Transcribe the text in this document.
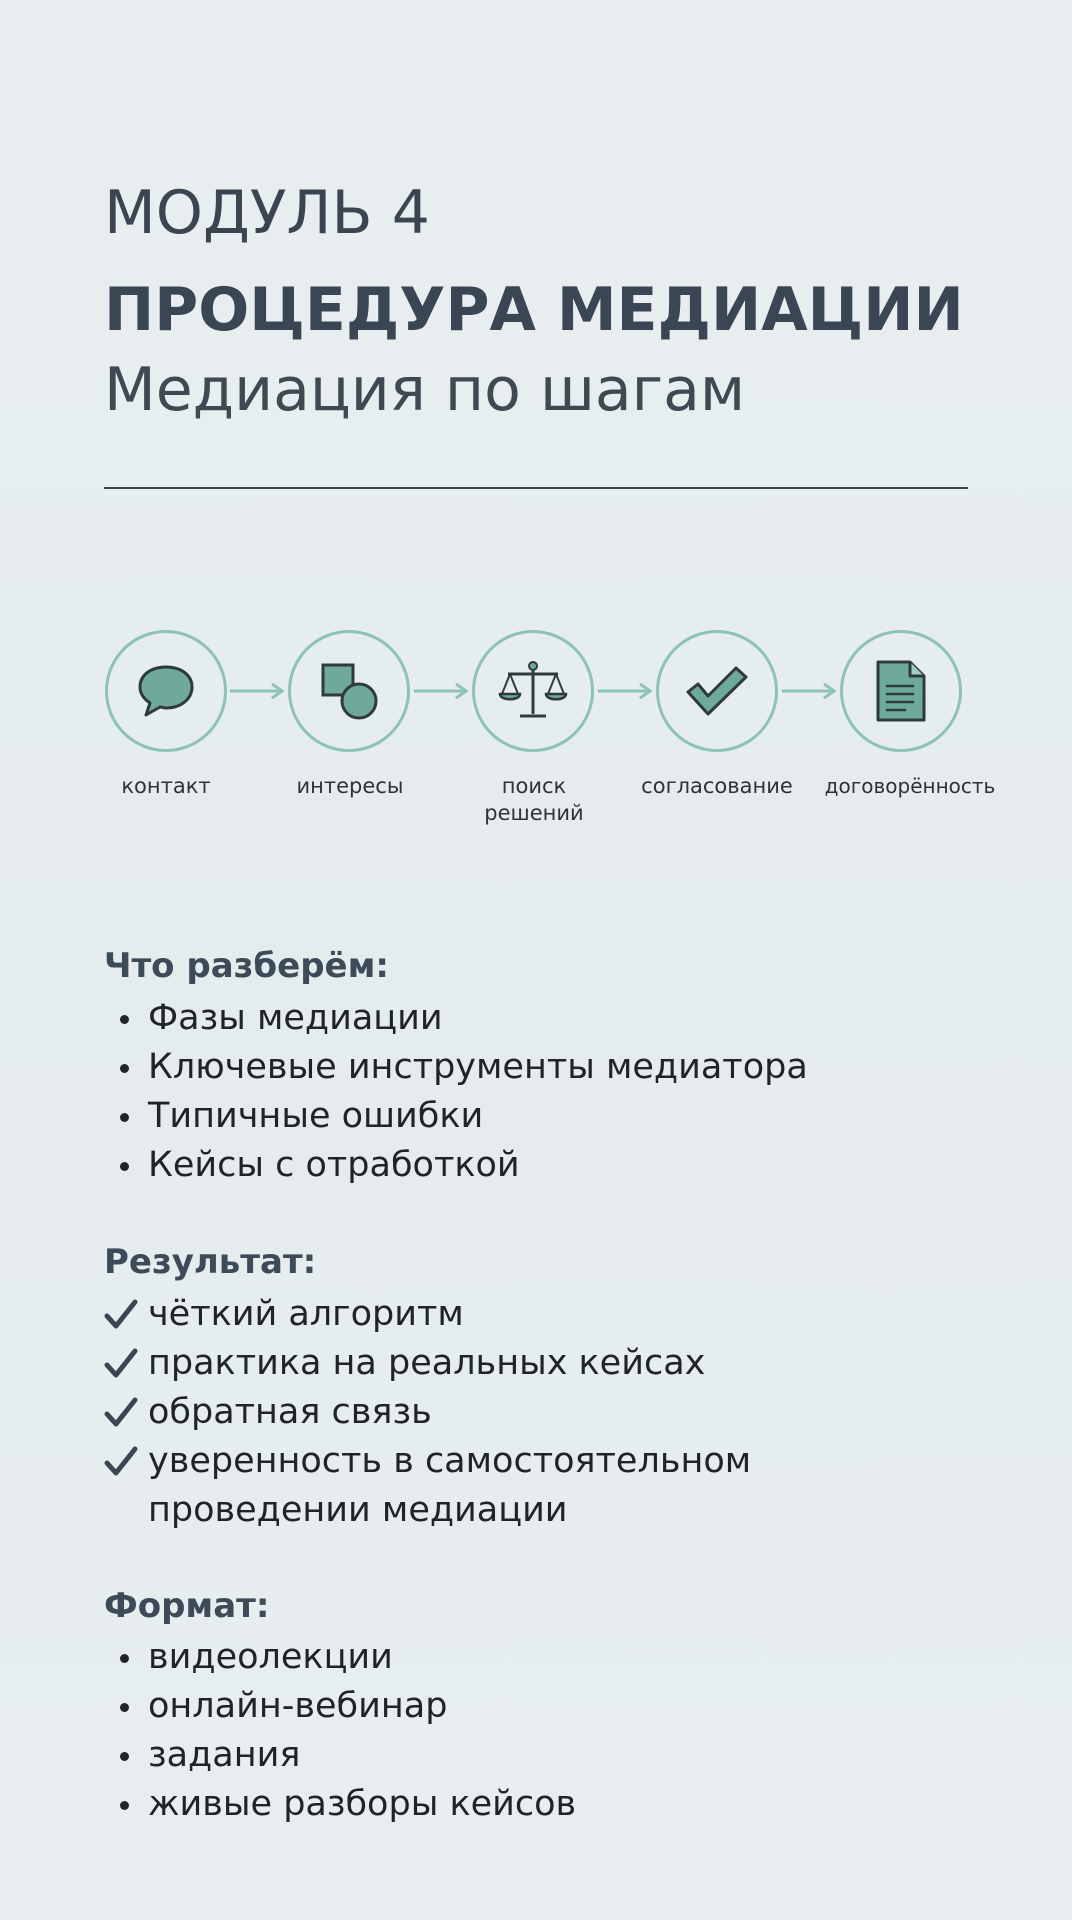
МОДУЛЬ 4
ПРОЦЕДУРА МЕДИАЦИИ
Медиация по шагам
контакт	интересы	поиск
решений
согласование	договорённость
Что разберём:
Фазы медиации
Ключевые инструменты медиатора
Типичные ошибки
Кейсы с отработкой
Результат:
чёткий алгоритм
практика на реальных кейсах
обратная связь
уверенность в самостоятельном
проведении медиации
Формат:
видеолекции
онлайн-вебинар
задания
живые разборы кейсов
